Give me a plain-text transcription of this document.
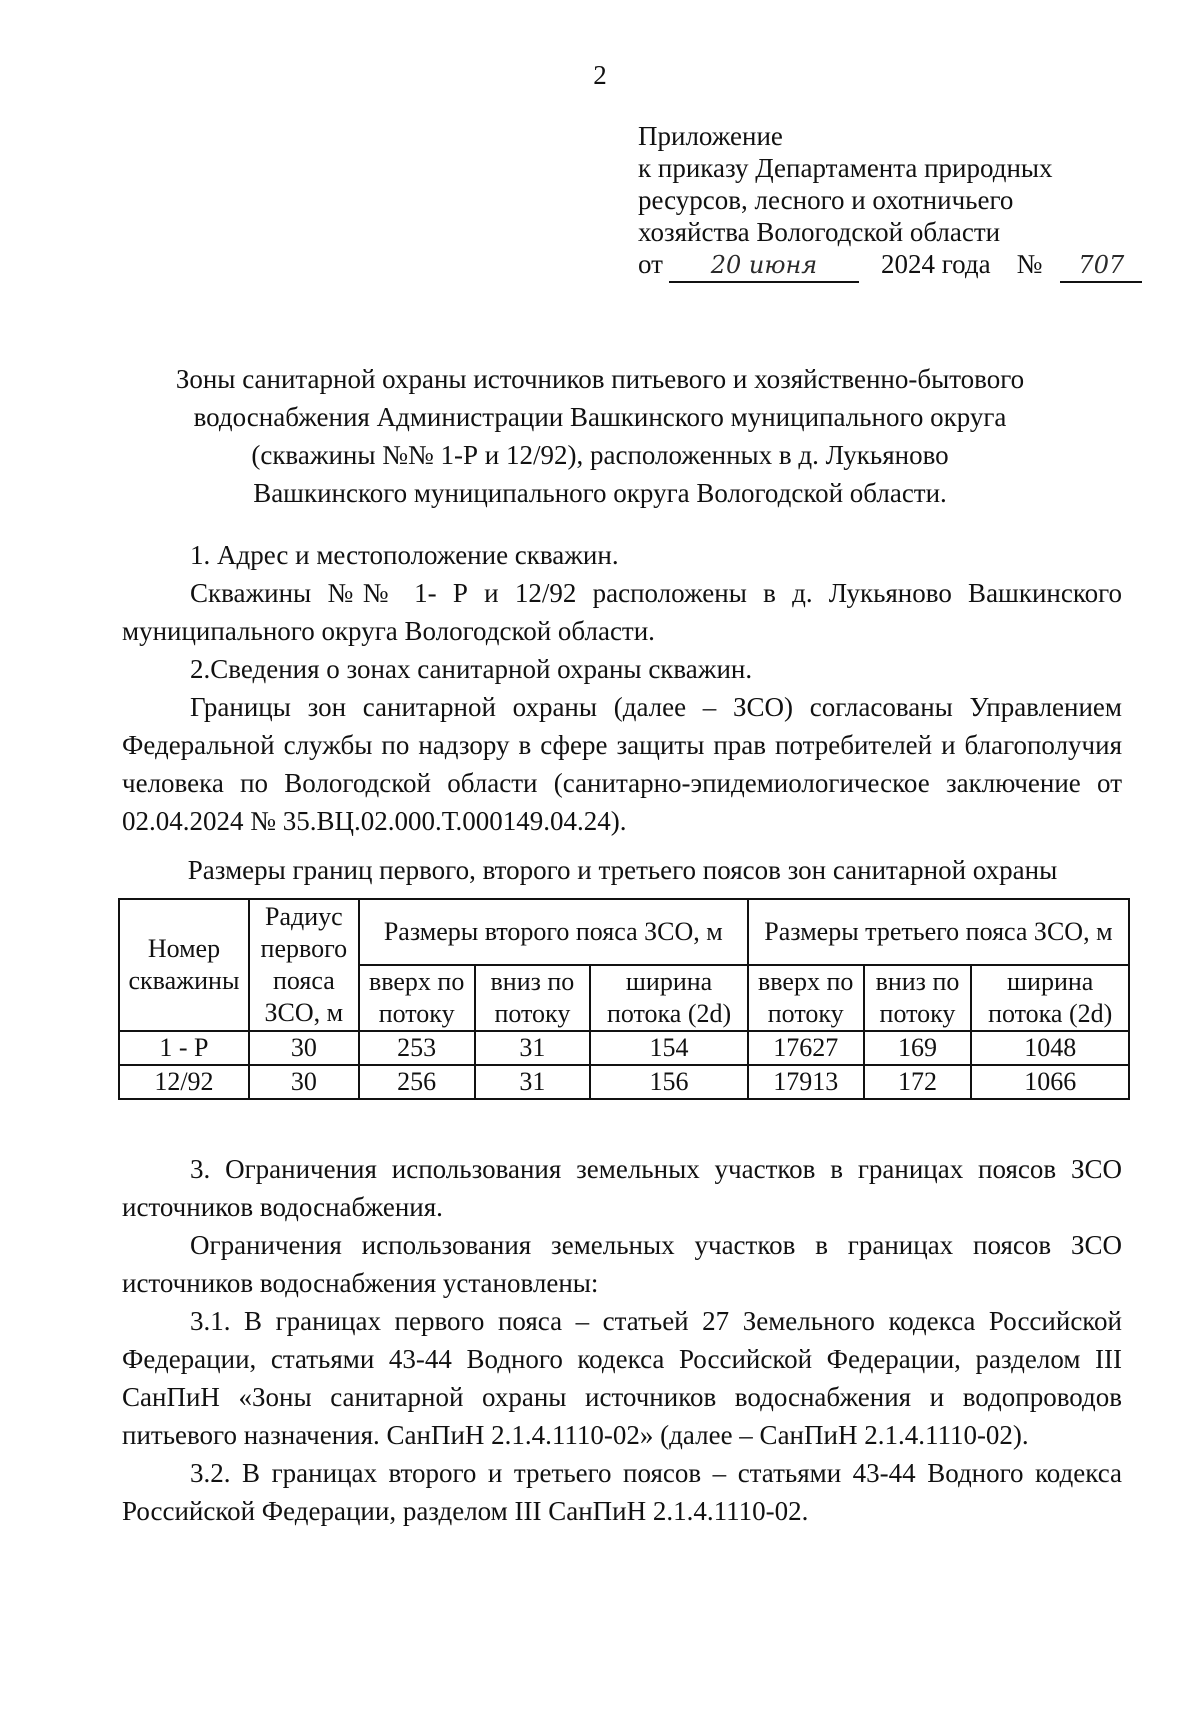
2
Приложение
к приказу Департамента природных
ресурсов, лесного и охотничьего
хозяйства Вологодской области
от	20 июня	2024 года №	707
Зоны санитарной охраны источников питьевого и хозяйственно-бытового
водоснабжения Администрации Вашкинского муниципального округа
(скважины №№ 1-Р и 12/92), расположенных в д. Лукьяново
Вашкинского муниципального округа Вологодской области.

1. Адрес и местоположение скважин.

Скважины №№ 1- Р и 12/92 расположены в д. Лукьяново Вашкинского муниципального округа Вологодской области.

2.Сведения о зонах санитарной охраны скважин.

Границы зон санитарной охраны (далее – ЗСО) согласованы Управлением Федеральной службы по надзору в сфере защиты прав потребителей и благополучия человека по Вологодской области (санитарно-эпидемиологическое заключение от 02.04.2024 № 35.ВЦ.02.000.Т.000149.04.24).

Размеры границ первого, второго и третьего поясов зон санитарной охраны
Номер скважины	Радиус первого пояса ЗСО, м	Размеры второго пояса ЗСО, м			Размеры третьего пояса ЗСО, м		
		вверх по потоку	вниз по потоку	ширина потока (2d)	вверх по потоку	вниз по потоку	ширина потока (2d)
1 - Р	30	253	31	154	17627	169	1048
12/92	30	256	31	156	17913	172	1066

3. Ограничения использования земельных участков в границах поясов ЗСО источников водоснабжения.

Ограничения использования земельных участков в границах поясов ЗСО источников водоснабжения установлены:

3.1. В границах первого пояса – статьей 27 Земельного кодекса Российской Федерации, статьями 43-44 Водного кодекса Российской Федерации, разделом III СанПиН «Зоны санитарной охраны источников водоснабжения и водопроводов питьевого назначения. СанПиН 2.1.4.1110-02» (далее – СанПиН 2.1.4.1110-02).

3.2. В границах второго и третьего поясов – статьями 43-44 Водного кодекса Российской Федерации, разделом III СанПиН 2.1.4.1110-02.
